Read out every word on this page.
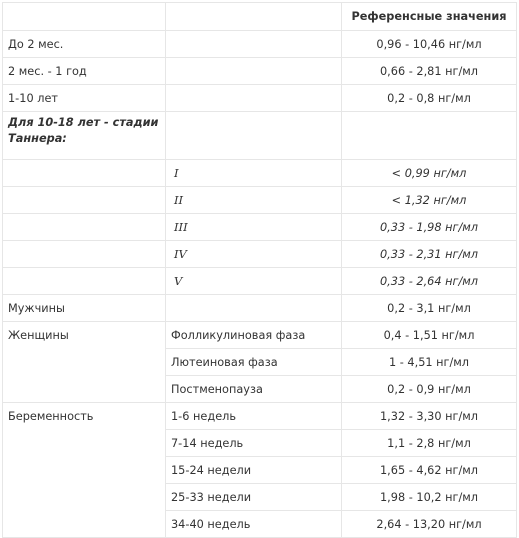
		Референсные значения
До 2 мес.		0,96 - 10,46 нг/мл
2 мес. - 1 год		0,66 - 2,81 нг/мл
1-10 лет		0,2 - 0,8 нг/мл
Для 10-18 лет - стадии Таннера:		
	I	< 0,99 нг/мл
	II	< 1,32 нг/мл
	III	0,33 - 1,98 нг/мл
	IV	0,33 - 2,31 нг/мл
	V	0,33 - 2,64 нг/мл
Мужчины		0,2 - 3,1 нг/мл
Женщины	Фолликулиновая фаза	0,4 - 1,51 нг/мл
	Лютеиновая фаза	1 - 4,51 нг/мл
	Постменопауза	0,2 - 0,9 нг/мл
Беременность	1-6 недель	1,32 - 3,30 нг/мл
	7-14 недель	1,1 - 2,8 нг/мл
	15-24 недели	1,65 - 4,62 нг/мл
	25-33 недели	1,98 - 10,2 нг/мл
	34-40 недель	2,64 - 13,20 нг/мл
